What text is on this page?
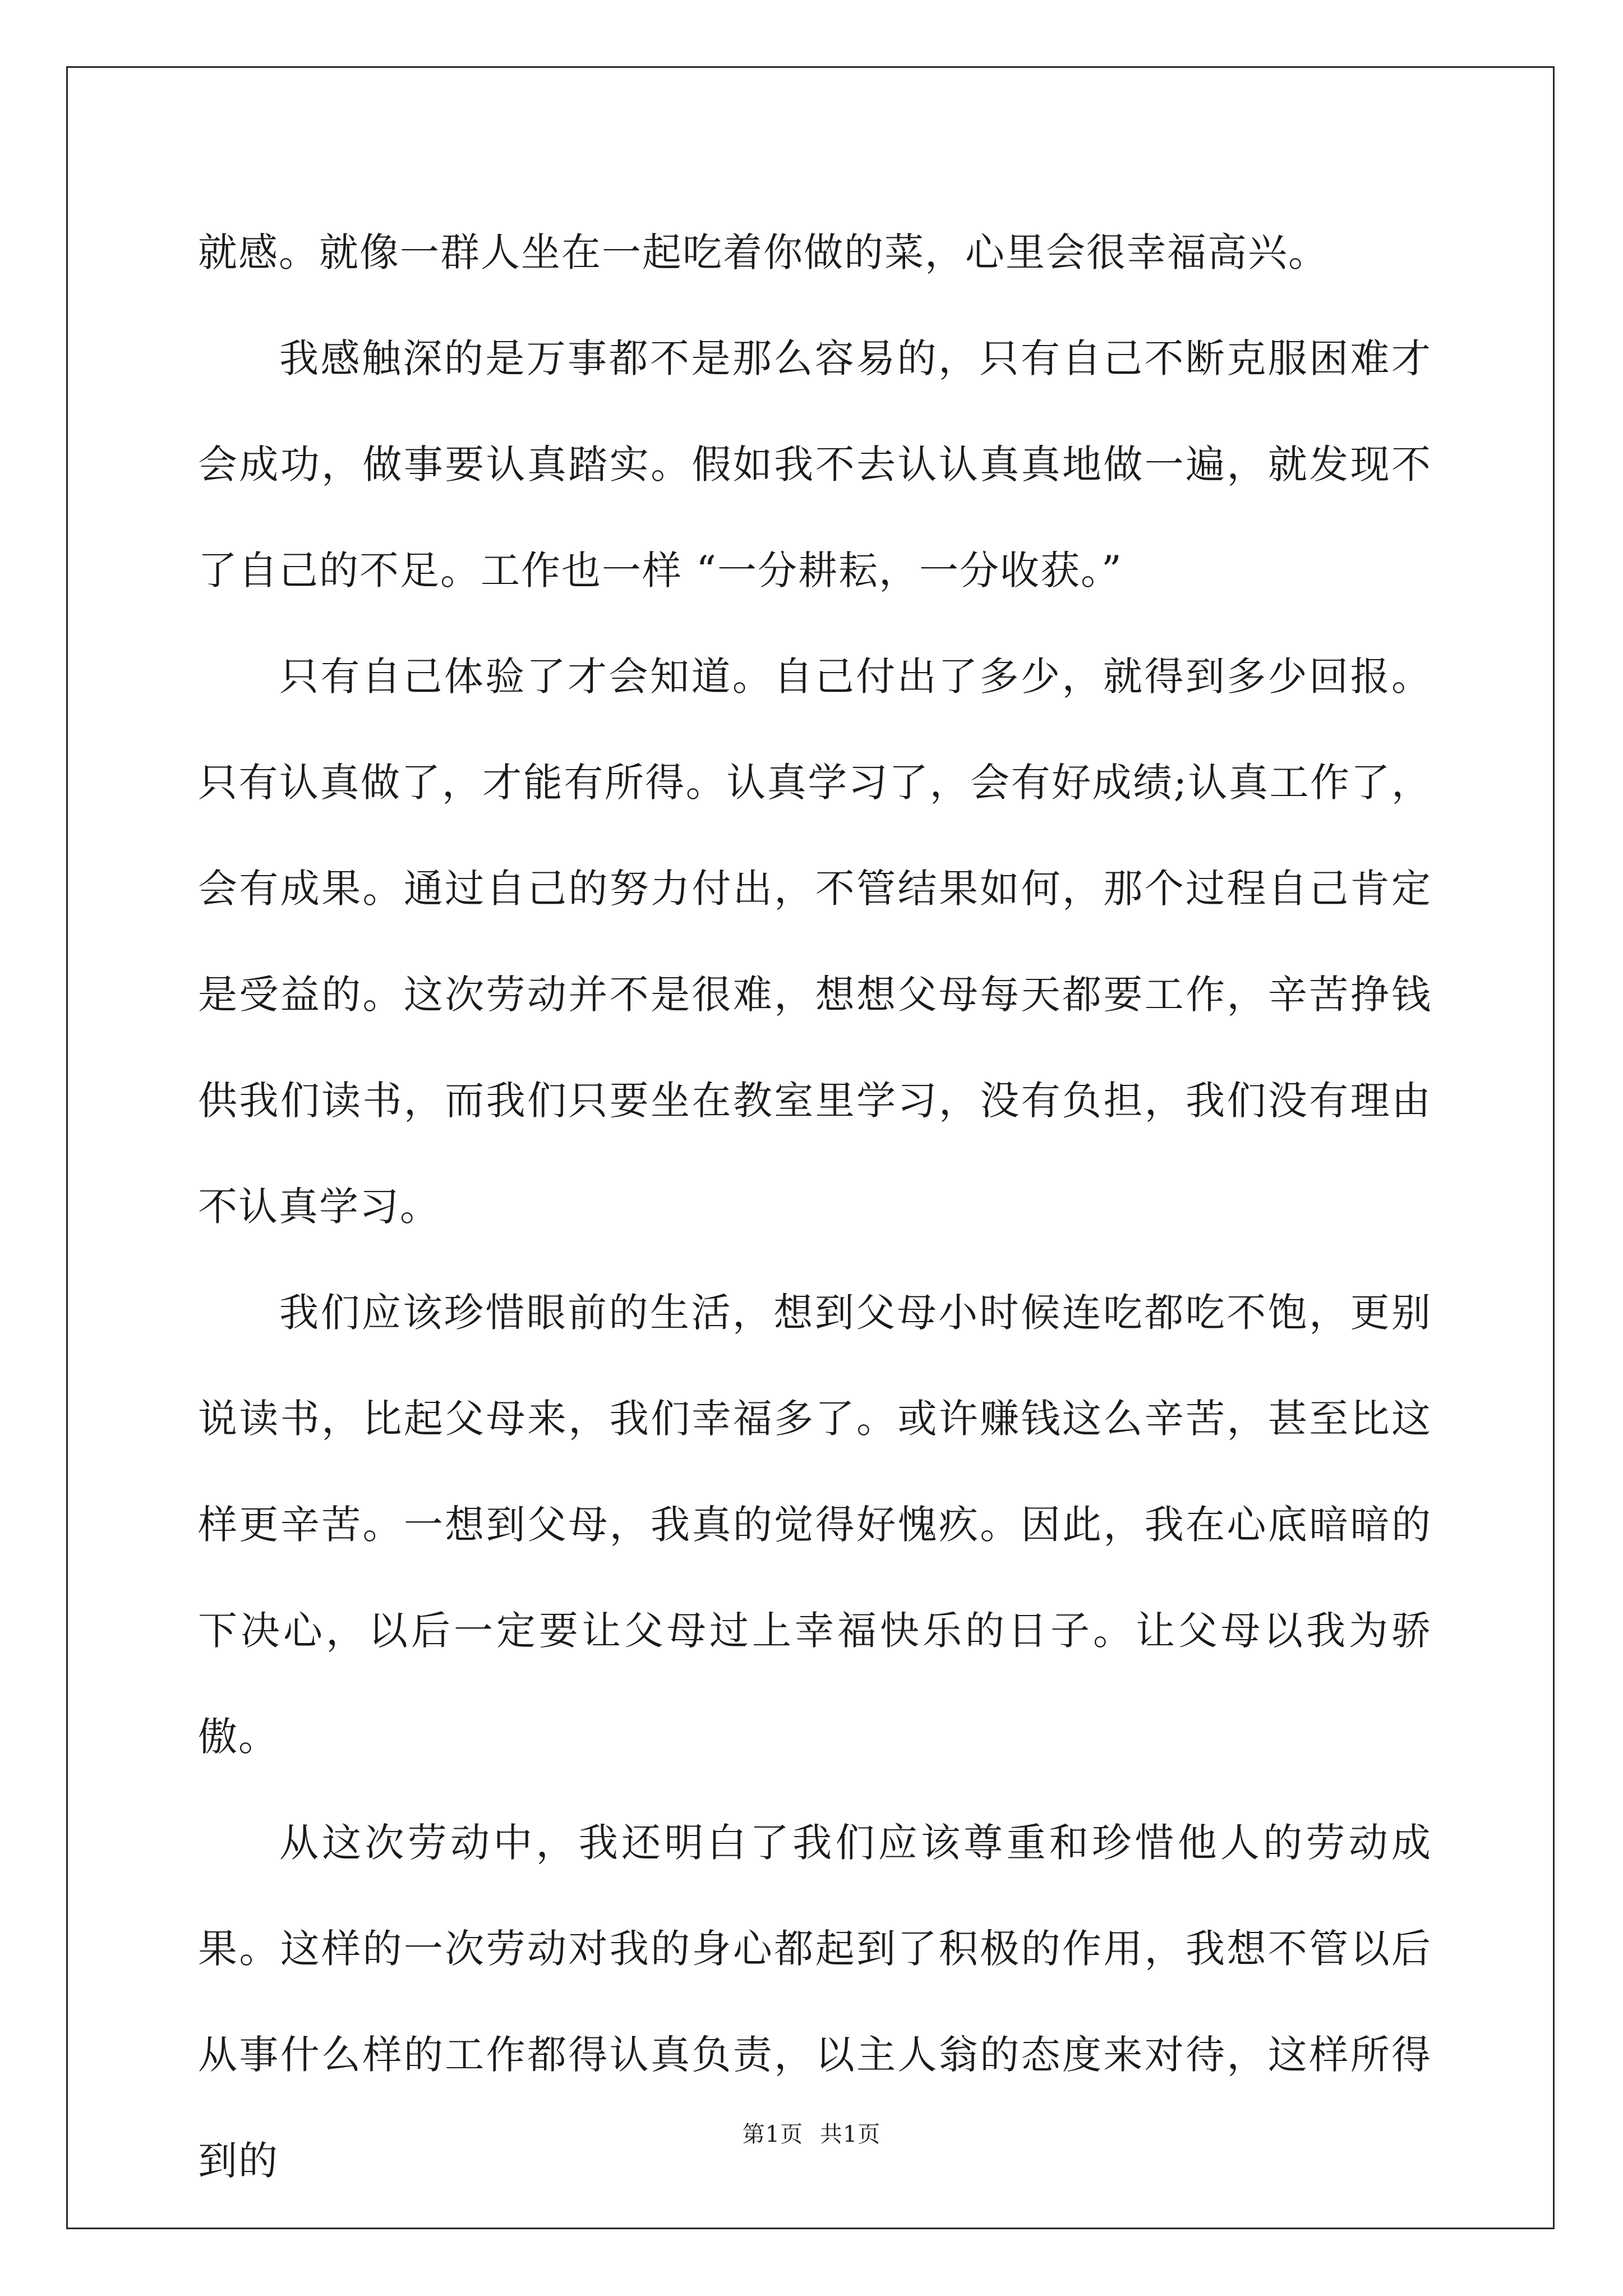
就感。就像一群人坐在一起吃着你做的菜，心里会很幸福高兴。

我感触深的是万事都不是那么容易的，只有自己不断克服困难才会成功，做事要认真踏实。假如我不去认认真真地做一遍，就发现不了自己的不足。工作也一样 “一分耕耘，一分收获。”

只有自己体验了才会知道。自己付出了多少，就得到多少回报。只有认真做了，才能有所得。认真学习了，会有好成绩;认真工作了，会有成果。通过自己的努力付出，不管结果如何，那个过程自己肯定是受益的。这次劳动并不是很难，想想父母每天都要工作，辛苦挣钱供我们读书，而我们只要坐在教室里学习，没有负担，我们没有理由不认真学习。

我们应该珍惜眼前的生活，想到父母小时候连吃都吃不饱，更别说读书，比起父母来，我们幸福多了。或许赚钱这么辛苦，甚至比这样更辛苦。一想到父母，我真的觉得好愧疚。因此，我在心底暗暗的下决心，以后一定要让父母过上幸福快乐的日子。让父母以我为骄傲。

从这次劳动中，我还明白了我们应该尊重和珍惜他人的劳动成果。这样的一次劳动对我的身心都起到了积极的作用，我想不管以后从事什么样的工作都得认真负责，以主人翁的态度来对待，这样所得到的

第1页 共1页
